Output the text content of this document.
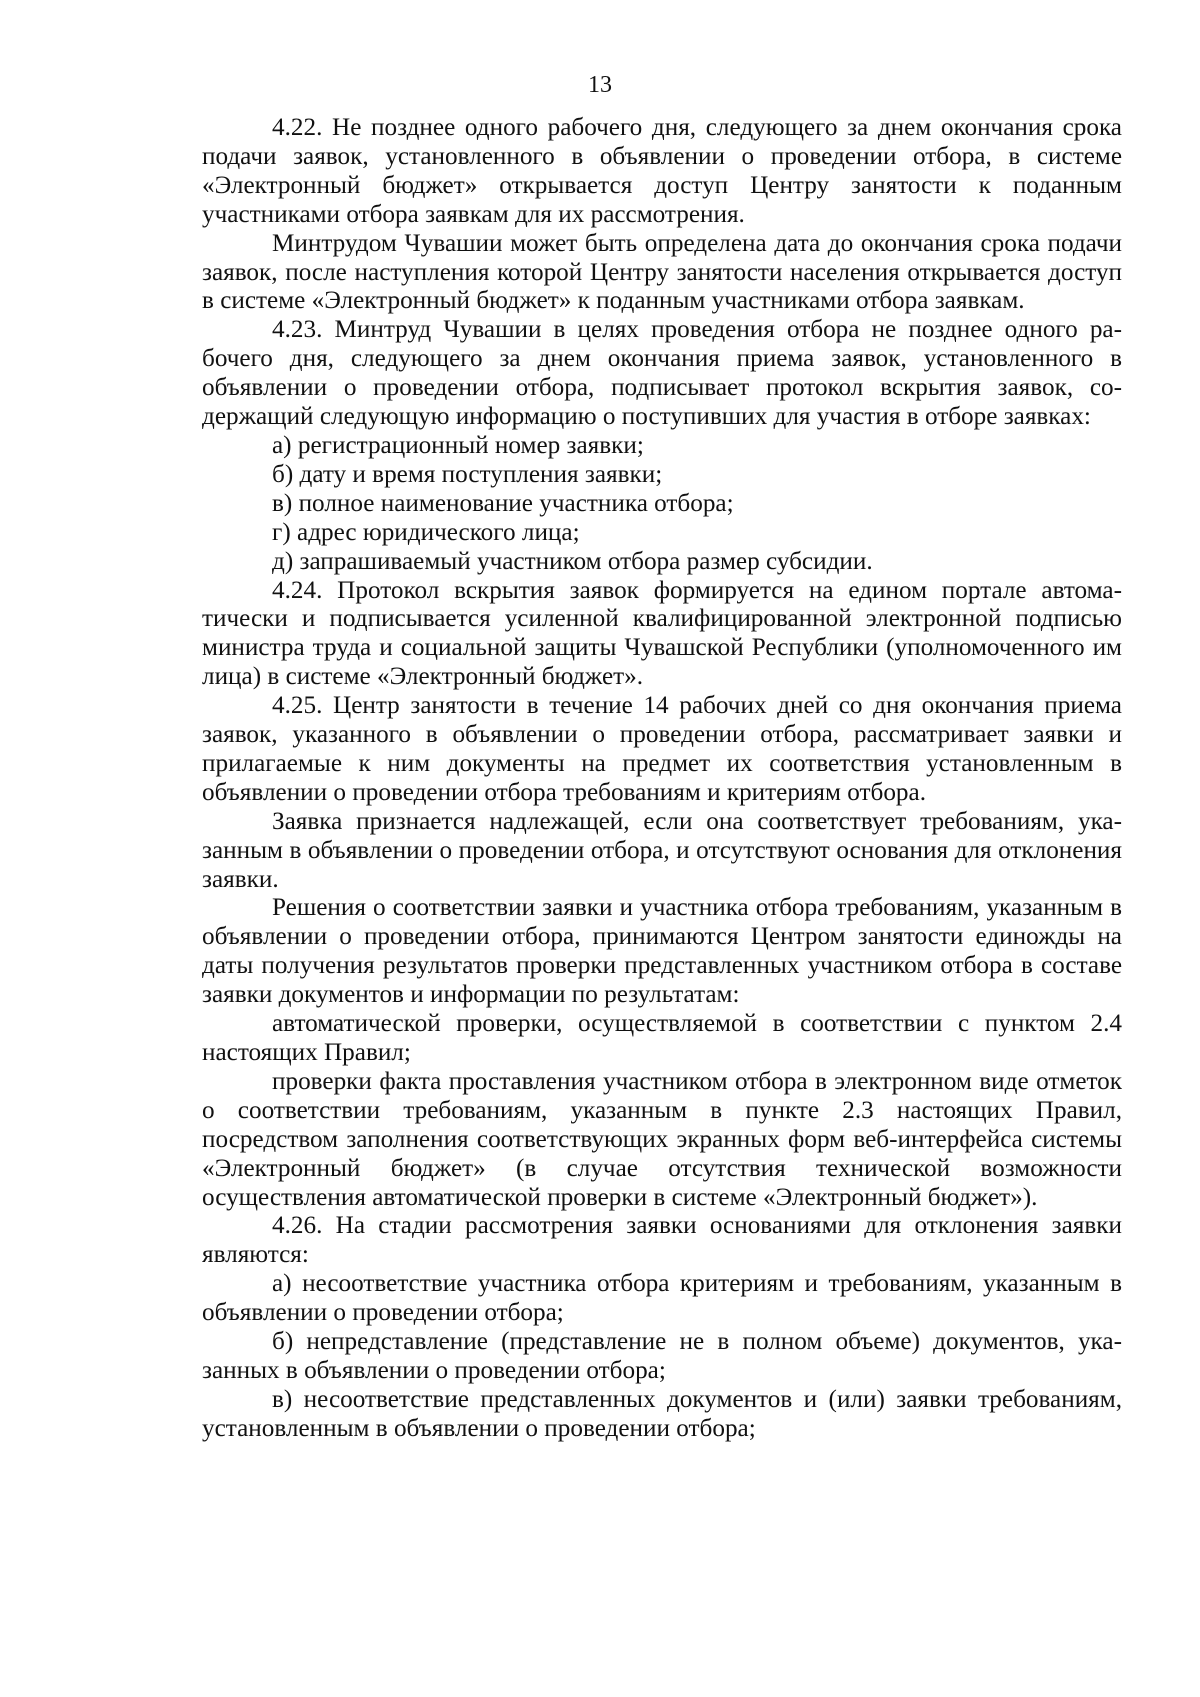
13

4.22. Не позднее одного рабочего дня, следующего за днем окончания срока подачи заявок, установленного в объявлении о проведении отбора, в системе «Электронный бюджет» открывается доступ Центру занятости к поданным участниками отбора заявкам для их рассмотрения.

Минтрудом Чувашии может быть определена дата до окончания срока подачи заявок, после наступления которой Центру занятости населения открывается доступ в системе «Электронный бюджет» к поданным участниками отбора заявкам.

4.23. Минтруд Чувашии в целях проведения отбора не позднее одного рабочего дня, следующего за днем окончания приема заявок, установленного в объявлении о проведении отбора, подписывает протокол вскрытия заявок, содержащий следующую информацию о поступивших для участия в отборе заявках:

а) регистрационный номер заявки;

б) дату и время поступления заявки;

в) полное наименование участника отбора;

г) адрес юридического лица;

д) запрашиваемый участником отбора размер субсидии.

4.24. Протокол вскрытия заявок формируется на едином портале автоматически и подписывается усиленной квалифицированной электронной подписью министра труда и социальной защиты Чувашской Республики (уполномоченного им лица) в системе «Электронный бюджет».

4.25. Центр занятости в течение 14 рабочих дней со дня окончания приема заявок, указанного в объявлении о проведении отбора, рассматривает заявки и прилагаемые к ним документы на предмет их соответствия установленным в объявлении о проведении отбора требованиям и критериям отбора.

Заявка признается надлежащей, если она соответствует требованиям, указанным в объявлении о проведении отбора, и отсутствуют основания для отклонения заявки.

Решения о соответствии заявки и участника отбора требованиям, указанным в объявлении о проведении отбора, принимаются Центром занятости единожды на даты получения результатов проверки представленных участником отбора в составе заявки документов и информации по результатам:

автоматической проверки, осуществляемой в соответствии с пунктом 2.4 настоящих Правил;

проверки факта проставления участником отбора в электронном виде отметок о соответствии требованиям, указанным в пункте 2.3 настоящих Правил, посредством заполнения соответствующих экранных форм веб-интерфейса системы «Электронный бюджет» (в случае отсутствия технической возможности осуществления автоматической проверки в системе «Электронный бюджет»).

4.26. На стадии рассмотрения заявки основаниями для отклонения заявки являются:

а) несоответствие участника отбора критериям и требованиям, указанным в объявлении о проведении отбора;

б) непредставление (представление не в полном объеме) документов, указанных в объявлении о проведении отбора;

в) несоответствие представленных документов и (или) заявки требованиям, установленным в объявлении о проведении отбора;
